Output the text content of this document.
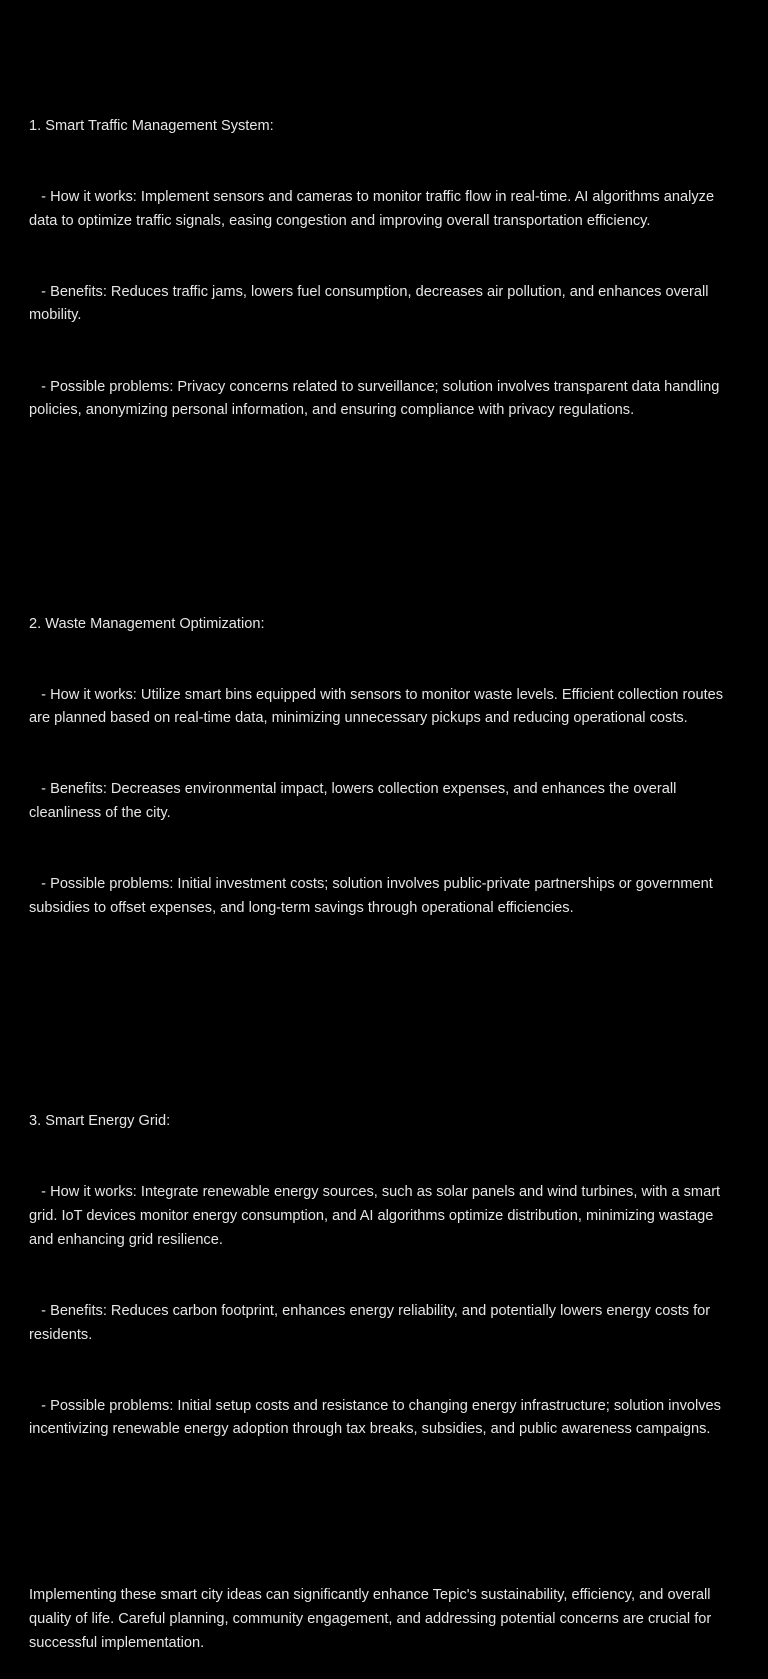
1. Smart Traffic Management System:

- How it works: Implement sensors and cameras to monitor traffic flow in real-time. AI algorithms analyze data to optimize traffic signals, easing congestion and improving overall transportation efficiency.

- Benefits: Reduces traffic jams, lowers fuel consumption, decreases air pollution, and enhances overall mobility.

- Possible problems: Privacy concerns related to surveillance; solution involves transparent data handling policies, anonymizing personal information, and ensuring compliance with privacy regulations.

2. Waste Management Optimization:

- How it works: Utilize smart bins equipped with sensors to monitor waste levels. Efficient collection routes are planned based on real-time data, minimizing unnecessary pickups and reducing operational costs.

- Benefits: Decreases environmental impact, lowers collection expenses, and enhances the overall cleanliness of the city.

- Possible problems: Initial investment costs; solution involves public-private partnerships or government subsidies to offset expenses, and long-term savings through operational efficiencies.

3. Smart Energy Grid:

- How it works: Integrate renewable energy sources, such as solar panels and wind turbines, with a smart grid. IoT devices monitor energy consumption, and AI algorithms optimize distribution, minimizing wastage and enhancing grid resilience.

- Benefits: Reduces carbon footprint, enhances energy reliability, and potentially lowers energy costs for residents.

- Possible problems: Initial setup costs and resistance to changing energy infrastructure; solution involves incentivizing renewable energy adoption through tax breaks, subsidies, and public awareness campaigns.

Implementing these smart city ideas can significantly enhance Tepic's sustainability, efficiency, and overall quality of life. Careful planning, community engagement, and addressing potential concerns are crucial for successful implementation.
